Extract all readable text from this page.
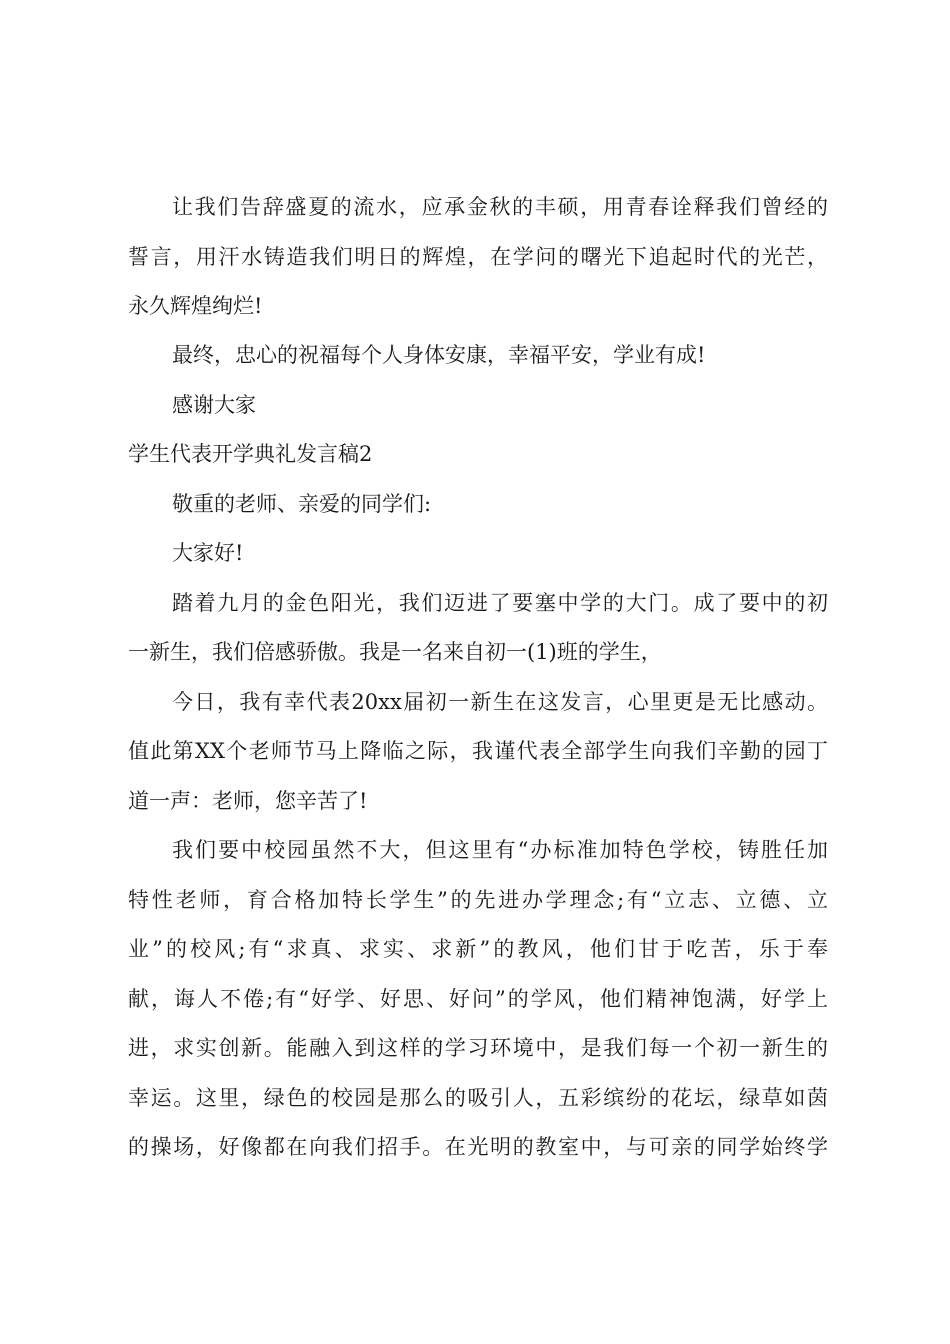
让我们告辞盛夏的流水，应承金秋的丰硕，用青春诠释我们曾经的
誓言，用汗水铸造我们明日的辉煌，在学问的曙光下追起时代的光芒，
永久辉煌绚烂!
最终，忠心的祝福每个人身体安康，幸福平安，学业有成!
感谢大家
学生代表开学典礼发言稿2
敬重的老师、亲爱的同学们:
大家好!
踏着九月的金色阳光，我们迈进了要塞中学的大门。成了要中的初
一新生，我们倍感骄傲。我是一名来自初一(1)班的学生，
今日，我有幸代表20xx届初一新生在这发言，心里更是无比感动。
值此第XX个老师节马上降临之际，我谨代表全部学生向我们辛勤的园丁
道一声：老师，您辛苦了!
我们要中校园虽然不大，但这里有“办标准加特色学校，铸胜任加
特性老师，育合格加特长学生”的先进办学理念;有“立志、立德、立
业”的校风;有“求真、求实、求新”的教风，他们甘于吃苦，乐于奉
献，诲人不倦;有“好学、好思、好问”的学风，他们精神饱满，好学上
进，求实创新。能融入到这样的学习环境中，是我们每一个初一新生的
幸运。这里，绿色的校园是那么的吸引人，五彩缤纷的花坛，绿草如茵
的操场，好像都在向我们招手。在光明的教室中，与可亲的同学始终学
